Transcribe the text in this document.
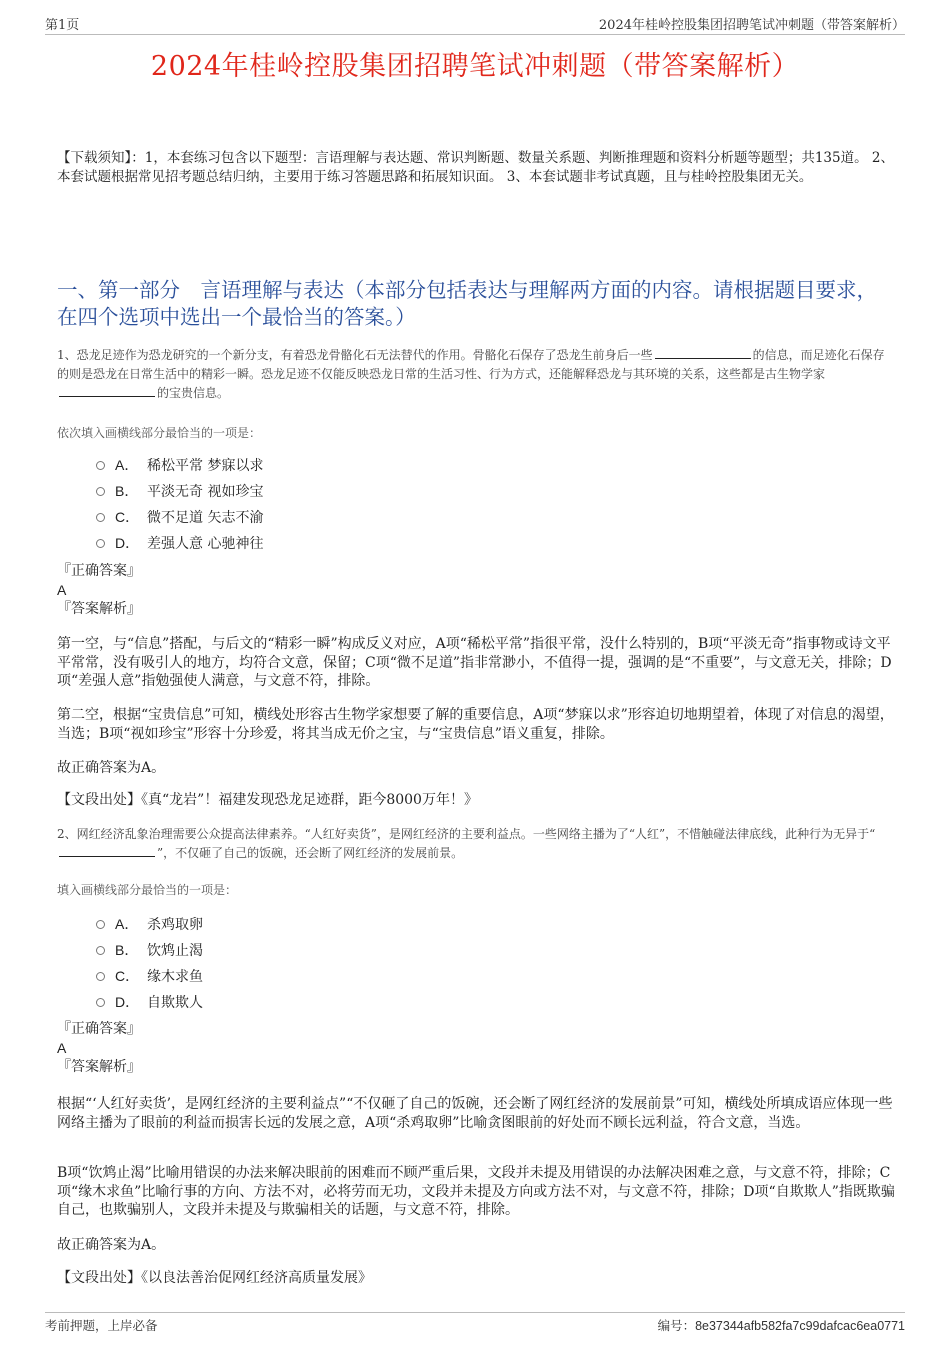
第1页	2024年桂岭控股集团招聘笔试冲刺题（带答案解析）
2024年桂岭控股集团招聘笔试冲刺题（带答案解析）
【下载须知】：1，本套练习包含以下题型：言语理解与表达题、常识判断题、数量关系题、判断推理题和资料分析题等题型；共135道。 2、本套试题根据常见招考题总结归纳，主要用于练习答题思路和拓展知识面。 3、本套试题非考试真题，且与桂岭控股集团无关。
一、第一部分　言语理解与表达（本部分包括表达与理解两方面的内容。请根据题目要求，在四个选项中选出一个最恰当的答案。）
1、恐龙足迹作为恐龙研究的一个新分支，有着恐龙骨骼化石无法替代的作用。骨骼化石保存了恐龙生前身后一些	的信息，而足迹化石保存的则是恐龙在日常生活中的精彩一瞬。恐龙足迹不仅能反映恐龙日常的生活习性、行为方式，还能解释恐龙与其环境的关系，这些都是古生物学家的宝贵信息。
依次填入画横线部分最恰当的一项是：
A． 稀松平常 梦寐以求
B． 平淡无奇 视如珍宝
C． 微不足道 矢志不渝
D． 差强人意 心驰神往
『正确答案』
A
『答案解析』
第一空，与“信息”搭配，与后文的“精彩一瞬”构成反义对应，A项“稀松平常”指很平常，没什么特别的，B项“平淡无奇”指事物或诗文平平常常，没有吸引人的地方，均符合文意，保留；C项“微不足道”指非常渺小，不值得一提，强调的是“不重要”，与文意无关，排除；D项“差强人意”指勉强使人满意，与文意不符，排除。
第二空，根据“宝贵信息”可知，横线处形容古生物学家想要了解的重要信息，A项“梦寐以求”形容迫切地期望着，体现了对信息的渴望，当选；B项“视如珍宝”形容十分珍爱，将其当成无价之宝，与“宝贵信息”语义重复，排除。
故正确答案为A。
【文段出处】《真“龙岩”！福建发现恐龙足迹群，距今8000万年！》
2、网红经济乱象治理需要公众提高法律素养。“人红好卖货”，是网红经济的主要利益点。一些网络主播为了“人红”，不惜触碰法律底线，此种行为无异于“”，不仅砸了自己的饭碗，还会断了网红经济的发展前景。
填入画横线部分最恰当的一项是：
A． 杀鸡取卵
B． 饮鸩止渴
C． 缘木求鱼
D． 自欺欺人
『正确答案』
A
『答案解析』
根据“‘人红好卖货’，是网红经济的主要利益点”“不仅砸了自己的饭碗，还会断了网红经济的发展前景”可知，横线处所填成语应体现一些网络主播为了眼前的利益而损害长远的发展之意，A项“杀鸡取卵”比喻贪图眼前的好处而不顾长远利益，符合文意，当选。
B项“饮鸩止渴”比喻用错误的办法来解决眼前的困难而不顾严重后果，文段并未提及用错误的办法解决困难之意，与文意不符，排除；C项“缘木求鱼”比喻行事的方向、方法不对，必将劳而无功，文段并未提及方向或方法不对，与文意不符，排除；D项“自欺欺人”指既欺骗自己，也欺骗别人，文段并未提及与欺骗相关的话题，与文意不符，排除。
故正确答案为A。
【文段出处】《以良法善治促网红经济高质量发展》
考前押题，上岸必备	编号：8e37344afb582fa7c99dafcac6ea0771
